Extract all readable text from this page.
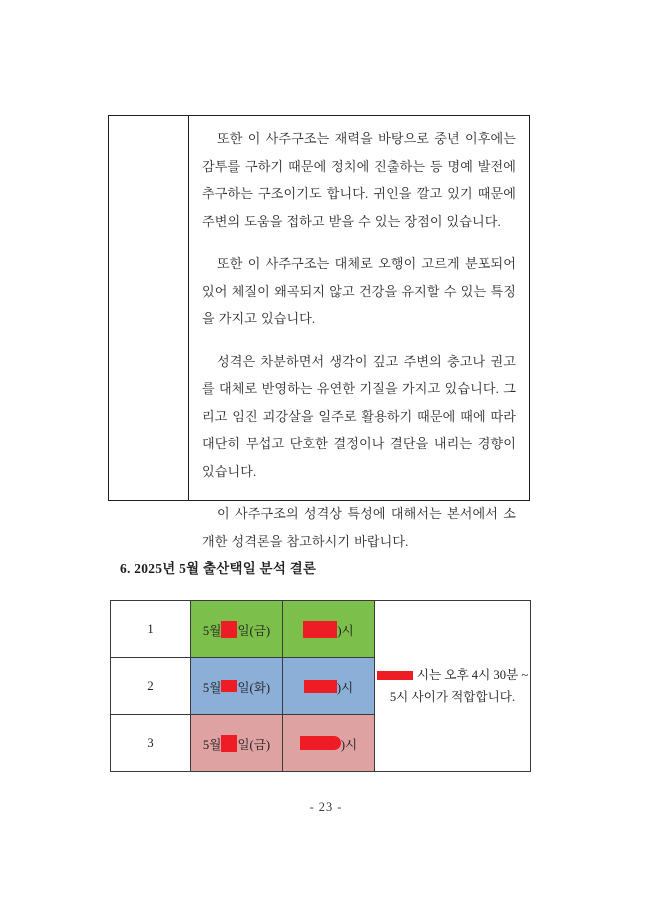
또한 이 사주구조는 재력을 바탕으로 중년 이후에는 감투를 구하기 때문에 정치에 진출하는 등 명예 발전에 추구하는 구조이기도 합니다. 귀인을 깔고 있기 때문에 주변의 도움을 접하고 받을 수 있는 장점이 있습니다.

또한 이 사주구조는 대체로 오행이 고르게 분포되어 있어 체질이 왜곡되지 않고 건강을 유지할 수 있는 특징을 가지고 있습니다.

성격은 차분하면서 생각이 깊고 주변의 충고나 권고를 대체로 반영하는 유연한 기질을 가지고 있습니다. 그리고 임진 괴강살을 일주로 활용하기 때문에 때에 따라 대단히 무섭고 단호한 결정이나 결단을 내리는 경향이 있습니다.

이 사주구조의 성격상 특성에 대해서는 본서에서 소개한 성격론을 참고하시기 바랍니다.

6. 2025년 5월 출산택일 분석 결론
1	5월 일(금)	)시	시는 오후 4시 30분 ~
5시 사이가 적합합니다.

2	5월 일(화)	)시	

3	5월 일(금)	)시	
- 23 -
